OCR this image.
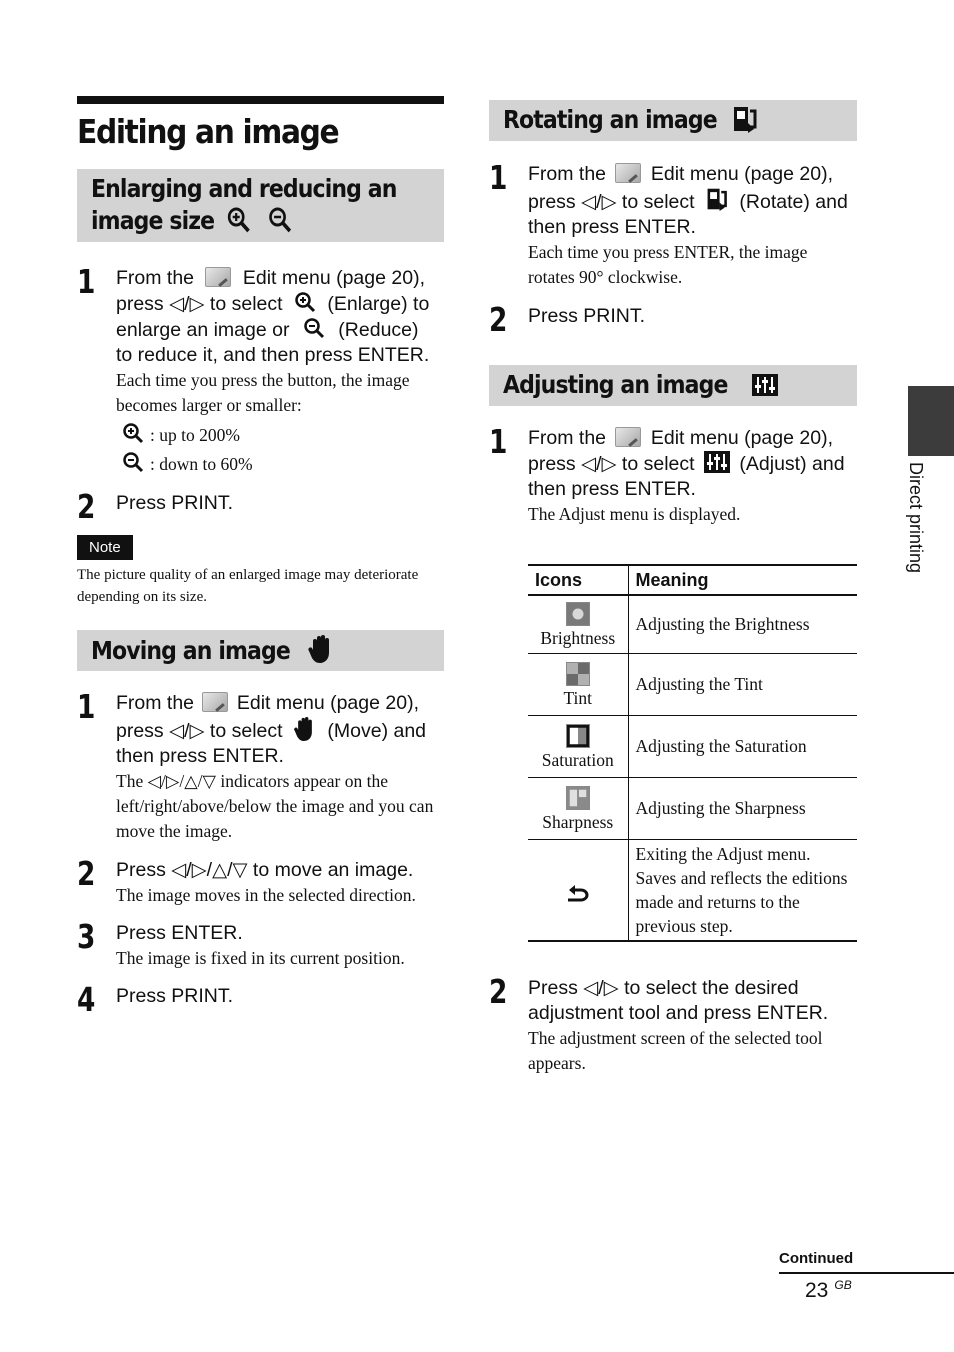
Editing an image
Enlarging and reducing an
image size
1 From the	Edit menu (page 20),
press ◁/▷ to select (Enlarge) to
enlarge an image or	(Reduce)
to reduce it, and then press ENTER.
Each time you press the button, the image becomes larger or smaller:
: up to 200%
: down to 60%
2 Press PRINT.
Note
The picture quality of an enlarged image may deteriorate depending on its size.
Moving an image
1 From the Edit menu (page 20),
press ◁/▷ to select (Move) and
then press ENTER.
The ◁/▷/△/▽ indicators appear on the left/right/above/below the image and you can move the image.
2 Press ◁/▷/△/▽ to move an image.
The image moves in the selected direction.
3 Press ENTER.
The image is fixed in its current position.
4 Press PRINT.
Rotating an image
1 From the Edit menu (page 20),
press ◁/▷ to select (Rotate) and
then press ENTER.
Each time you press ENTER, the image rotates 90° clockwise.
2 Press PRINT.
Adjusting an image
1 From the Edit menu (page 20),
press ◁/▷ to select (Adjust) and
then press ENTER.
The Adjust menu is displayed.
Icons	Meaning

Brightness	Adjusting the Brightness

Tint	Adjusting the Tint

Saturation	Adjusting the Saturation

Sharpness	Adjusting the Sharpness

	Exiting the Adjust menu. Saves and reflects the editions made and returns to the previous step.
2 Press ◁/▷ to select the desired adjustment tool and press ENTER.
The adjustment screen of the selected tool appears.
Direct printing
Continued
23 $^{GB}$
